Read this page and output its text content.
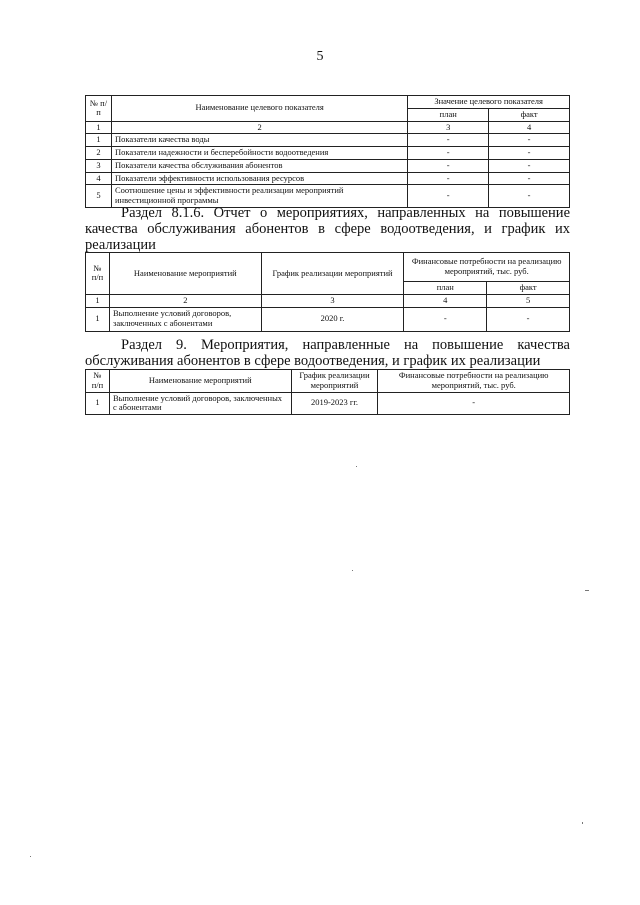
5
№ п/п	Наименование целевого показателя	Значение целевого показателя	
		план	факт
1	2	3	4
1	Показатели качества воды	-	-
2	Показатели надежности и бесперебойности водоотведения	-	-
3	Показатели качества обслуживания абонентов	-	-
4	Показатели эффективности использования ресурсов	-	-
5	Соотношение цены и эффективности реализации мероприятий инвестиционной программы	-	-
Раздел 8.1.6. Отчет о мероприятиях, направленных на повышение качества обслуживания абонентов в сфере водоотведения, и график их реализации
№ п/п	Наименование мероприятий	График реализации мероприятий	Финансовые потребности на реализацию мероприятий, тыс. руб.	
			план	факт
1	2	3	4	5
1	Выполнение условий договоров, заключенных с абонентами	2020 г.	-	-
Раздел 9. Мероприятия, направленные на повышение качества обслуживания абонентов в сфере водоотведения, и график их реализации
№ п/п	Наименование мероприятий	График реализации мероприятий	Финансовые потребности на реализацию мероприятий, тыс. руб.
1	Выполнение условий договоров, заключенных с абонентами	2019-2023 гг.	-
